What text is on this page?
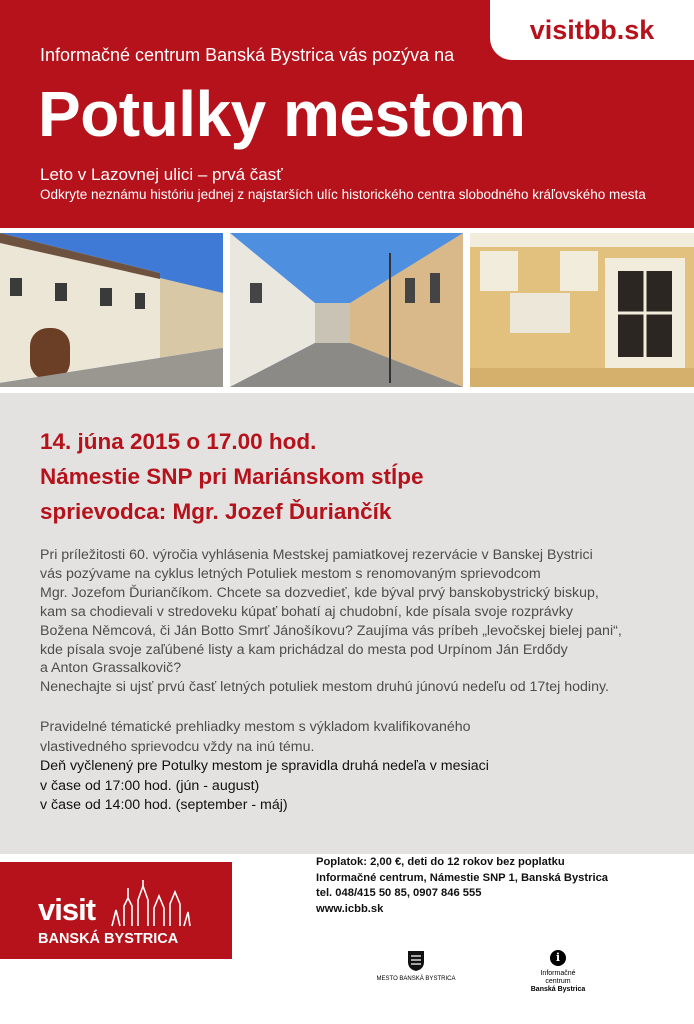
visitbb.sk
Informačné centrum Banská Bystrica vás pozýva na
Potulky mestom
Leto v Lazovnej ulici – prvá časť
Odkryte neznámu históriu jednej z najstarších ulíc historického centra slobodného kráľovského mesta
14. júna 2015 o 17.00 hod.
Námestie SNP pri Mariánskom stĺpe
sprievodca: Mgr. Jozef Ďuriančík
Pri príležitosti 60. výročia vyhlásenia Mestskej pamiatkovej rezervácie v Banskej Bystrici
vás pozývame na cyklus letných Potuliek mestom s renomovaným sprievodcom
Mgr. Jozefom Ďuriančíkom. Chcete sa dozvedieť, kde býval prvý banskobystrický biskup,
kam sa chodievali v stredoveku kúpať bohatí aj chudobní, kde písala svoje rozprávky
Božena Němcová, či Ján Botto Smrť Jánošíkovu? Zaujíma vás príbeh „levočskej bielej pani“,
kde písala svoje zaľúbené listy a kam prichádzal do mesta pod Urpínom Ján Erdődy
a Anton Grassalkovič?
Nenechajte si ujsť prvú časť letných potuliek mestom druhú júnovú nedeľu od 17tej hodiny.
Pravidelné tématické prehliadky mestom s výkladom kvalifikovaného
vlastivedného sprievodcu vždy na inú tému.
Deň vyčlenený pre Potulky mestom je spravidla druhá nedeľa v mesiaci
v čase od 17:00 hod. (jún - august)
v čase od 14:00 hod. (september - máj)
Poplatok: 2,00 €, deti do 12 rokov bez poplatku
Informačné centrum, Námestie SNP 1, Banská Bystrica
tel. 048/415 50 85, 0907 846 555
www.icbb.sk
visit
BANSKÁ BYSTRICA
MESTO BANSKÁ BYSTRICA
i
Informačné centrum
Banská Bystrica
